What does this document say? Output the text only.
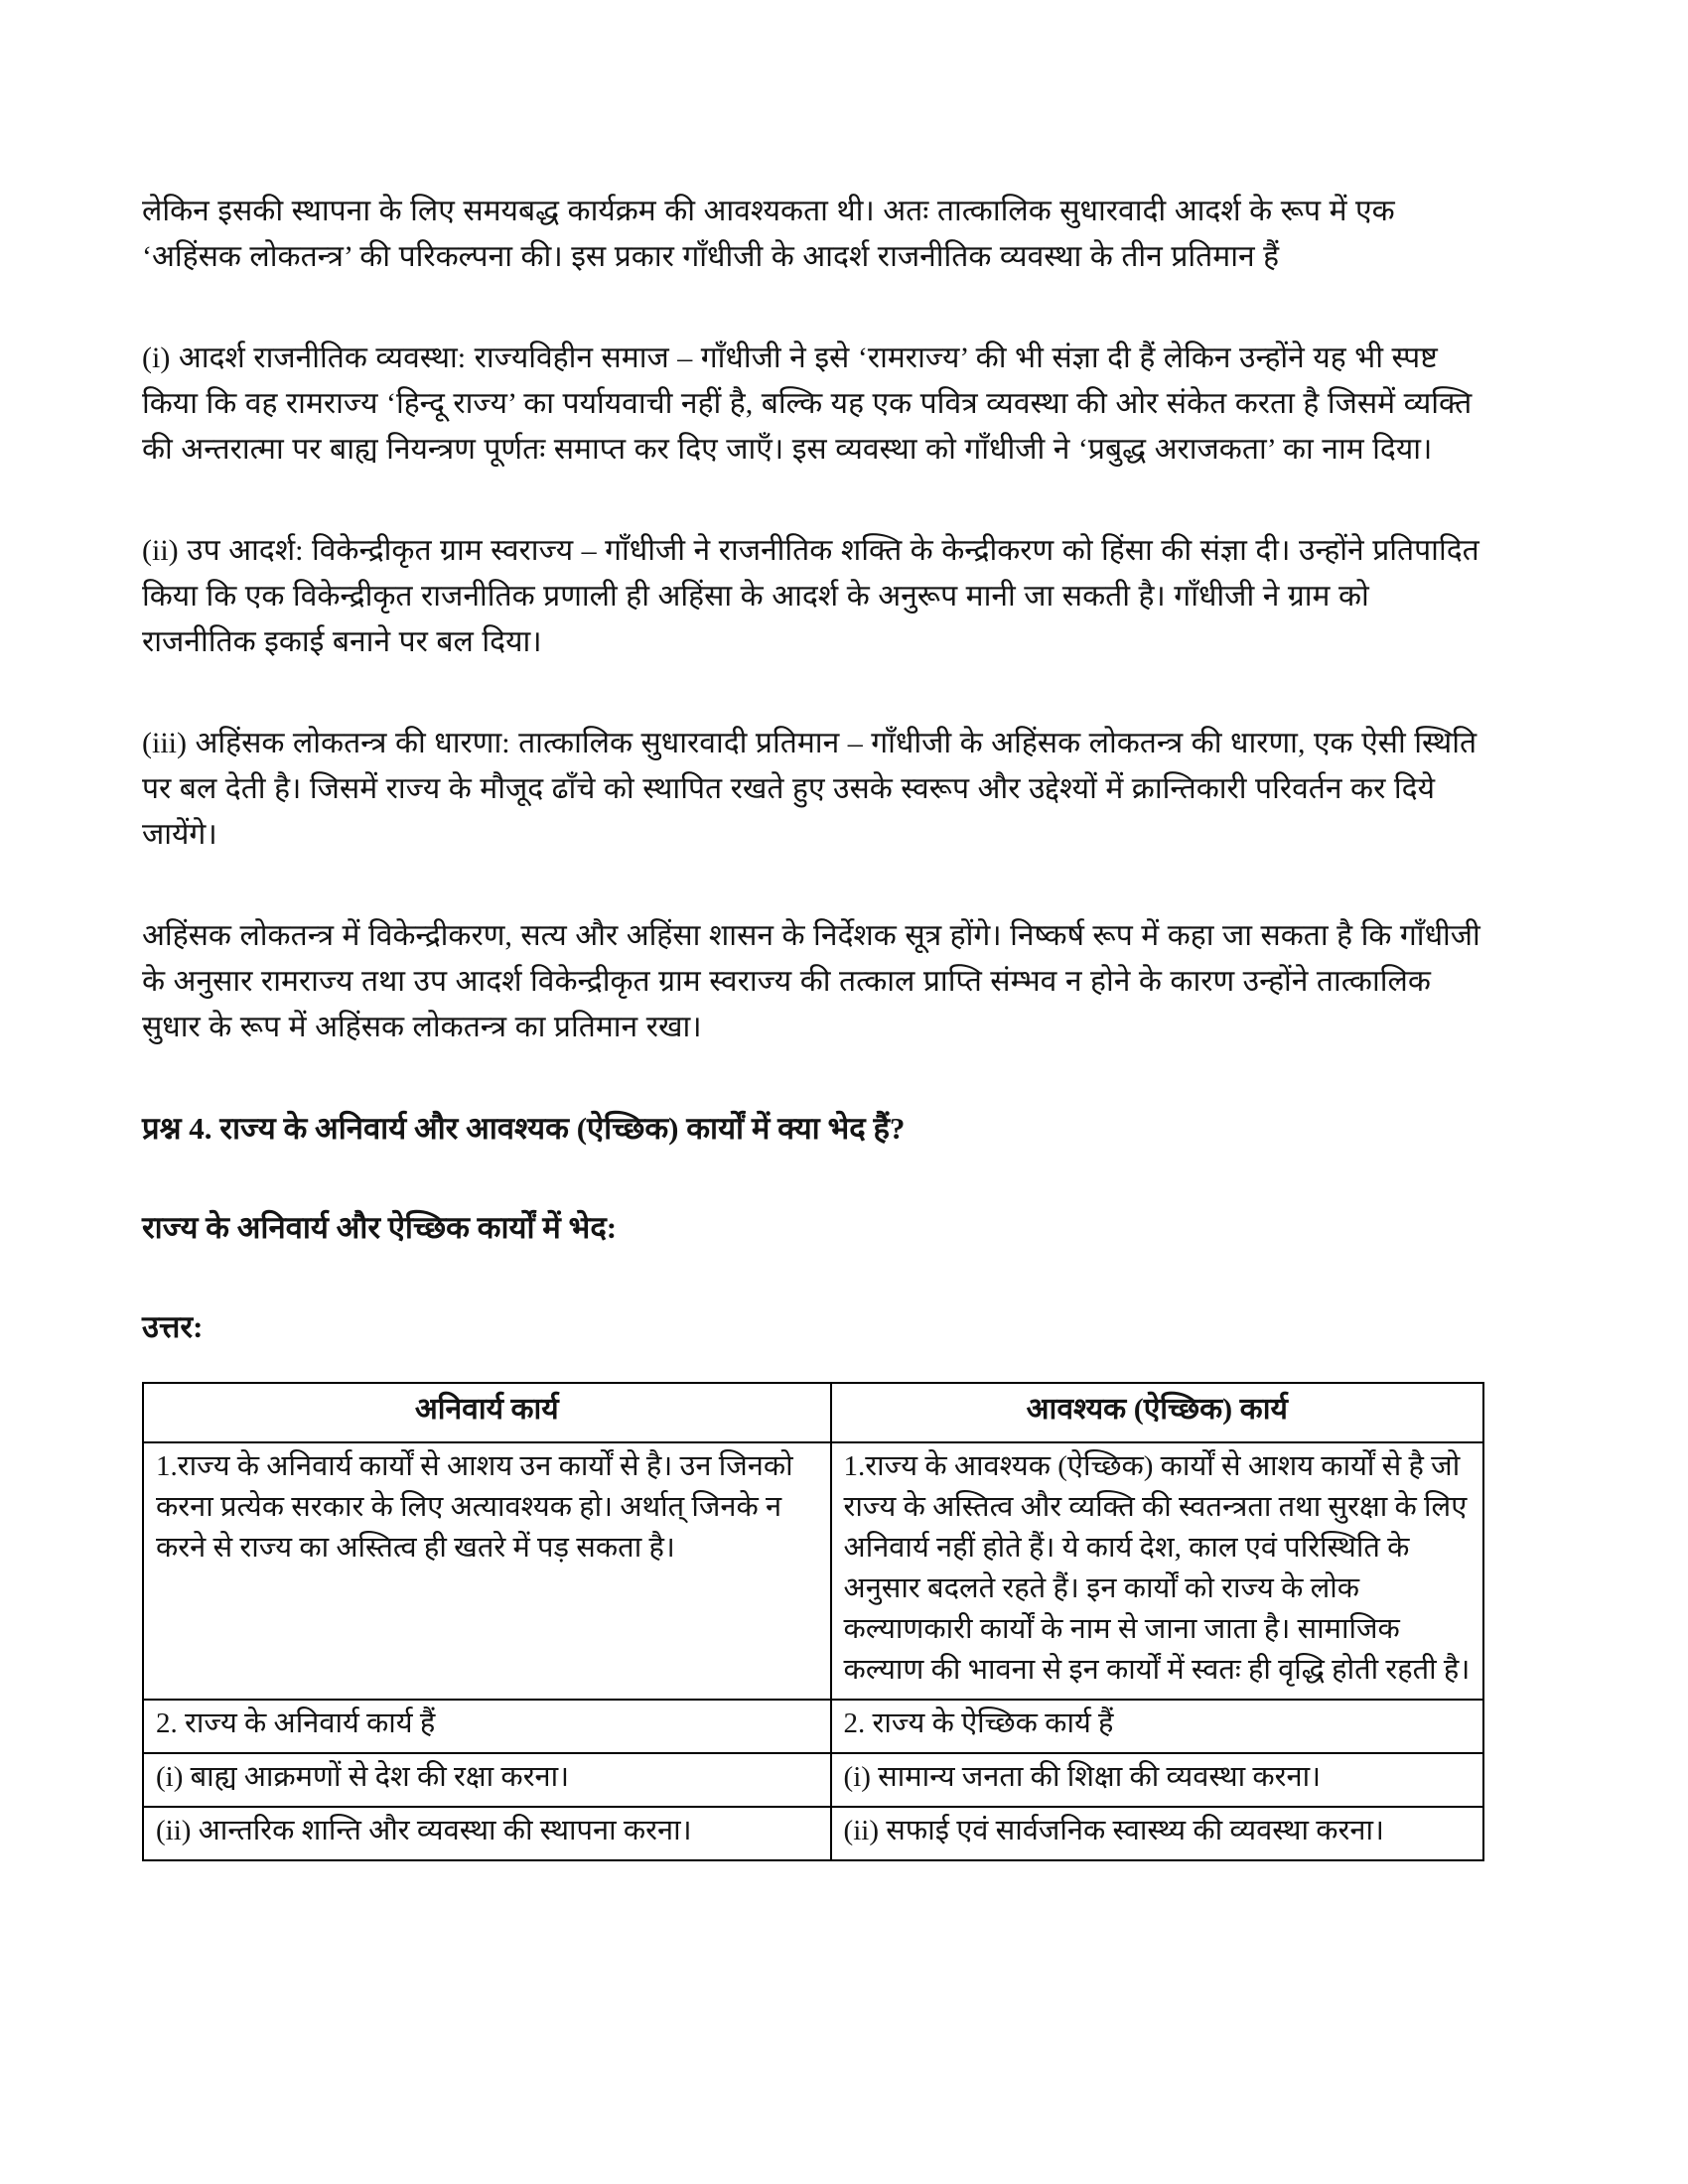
लेकिन इसकी स्थापना के लिए समयबद्ध कार्यक्रम की आवश्यकता थी। अतः तात्कालिक सुधारवादी आदर्श के रूप में एक ‘अहिंसक लोकतन्त्र’ की परिकल्पना की। इस प्रकार गाँधीजी के आदर्श राजनीतिक व्यवस्था के तीन प्रतिमान हैं

(i) आदर्श राजनीतिक व्यवस्था: राज्यविहीन समाज – गाँधीजी ने इसे ‘रामराज्य’ की भी संज्ञा दी हैं लेकिन उन्होंने यह भी स्पष्ट किया कि वह रामराज्य ‘हिन्दू राज्य’ का पर्यायवाची नहीं है, बल्कि यह एक पवित्र व्यवस्था की ओर संकेत करता है जिसमें व्यक्ति की अन्तरात्मा पर बाह्य नियन्त्रण पूर्णतः समाप्त कर दिए जाएँ। इस व्यवस्था को गाँधीजी ने ‘प्रबुद्ध अराजकता’ का नाम दिया।

(ii) उप आदर्श: विकेन्द्रीकृत ग्राम स्वराज्य – गाँधीजी ने राजनीतिक शक्ति के केन्द्रीकरण को हिंसा की संज्ञा दी। उन्होंने प्रतिपादित किया कि एक विकेन्द्रीकृत राजनीतिक प्रणाली ही अहिंसा के आदर्श के अनुरूप मानी जा सकती है। गाँधीजी ने ग्राम को राजनीतिक इकाई बनाने पर बल दिया।

(iii) अहिंसक लोकतन्त्र की धारणा: तात्कालिक सुधारवादी प्रतिमान – गाँधीजी के अहिंसक लोकतन्त्र की धारणा, एक ऐसी स्थिति पर बल देती है। जिसमें राज्य के मौजूद ढाँचे को स्थापित रखते हुए उसके स्वरूप और उद्देश्यों में क्रान्तिकारी परिवर्तन कर दिये जायेंगे।

अहिंसक लोकतन्त्र में विकेन्द्रीकरण, सत्य और अहिंसा शासन के निर्देशक सूत्र होंगे। निष्कर्ष रूप में कहा जा सकता है कि गाँधीजी के अनुसार रामराज्य तथा उप आदर्श विकेन्द्रीकृत ग्राम स्वराज्य की तत्काल प्राप्ति संम्भव न होने के कारण उन्होंने तात्कालिक सुधार के रूप में अहिंसक लोकतन्त्र का प्रतिमान रखा।

प्रश्न 4. राज्य के अनिवार्य और आवश्यक (ऐच्छिक) कार्यों में क्या भेद हैं?
राज्य के अनिवार्य और ऐच्छिक कार्यों में भेद:
उत्तर:
अनिवार्य कार्य	आवश्यक (ऐच्छिक) कार्य
1.राज्य के अनिवार्य कार्यों से आशय उन कार्यों से है। उन जिनको करना प्रत्येक सरकार के लिए अत्यावश्यक हो। अर्थात् जिनके न करने से राज्य का अस्तित्व ही खतरे में पड़ सकता है।	1.राज्य के आवश्यक (ऐच्छिक) कार्यों से आशय कार्यों से है जो राज्य के अस्तित्व और व्यक्ति की स्वतन्त्रता तथा सुरक्षा के लिए अनिवार्य नहीं होते हैं। ये कार्य देश, काल एवं परिस्थिति के अनुसार बदलते रहते हैं। इन कार्यों को राज्य के लोक कल्याणकारी कार्यों के नाम से जाना जाता है। सामाजिक कल्याण की भावना से इन कार्यों में स्वतः ही वृद्धि होती रहती है।
2. राज्य के अनिवार्य कार्य हैं	2. राज्य के ऐच्छिक कार्य हैं
(i) बाह्य आक्रमणों से देश की रक्षा करना।	(i) सामान्य जनता की शिक्षा की व्यवस्था करना।
(ii) आन्तरिक शान्ति और व्यवस्था की स्थापना करना।	(ii) सफाई एवं सार्वजनिक स्वास्थ्य की व्यवस्था करना।
